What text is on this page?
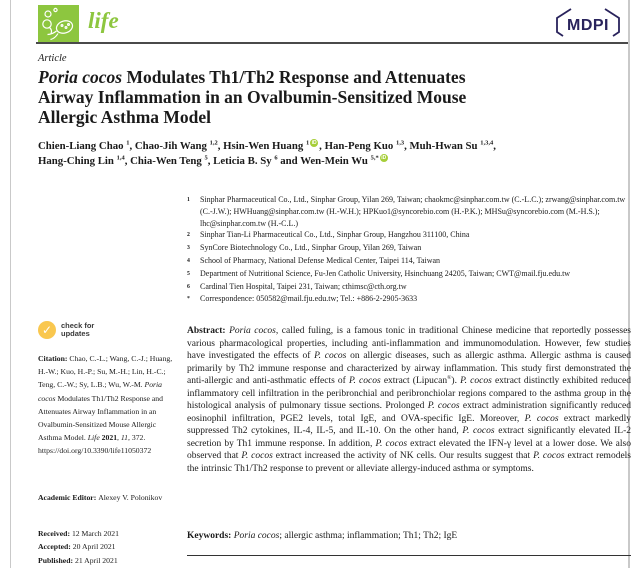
life	MDPI
Article
Poria cocos Modulates Th1/Th2 Response and Attenuates
Airway Inflammation in an Ovalbumin-Sensitized Mouse
Allergic Asthma Model
Chien-Liang Chao $^1$, Chao-Jih Wang $^{1,2}$, Hsin-Wen Huang $^1$ iD , Han-Peng Kuo $^{1,3}$, Muh-Hwan Su $^{1,3,4}$,
Hang-Ching Lin $^{1,4}$, Chia-Wen Teng $^5$, Leticia B. Sy $^6$ and Wen-Mein Wu $^{5,*}$ iD
1	Sinphar Pharmaceutical Co., Ltd., Sinphar Group, Yilan 269, Taiwan; chaokmc@sinphar.com.tw (C.-L.C.); zrwang@sinphar.com.tw (C.-J.W.); HWHuang@sinphar.com.tw (H.-W.H.); HPKuo1@syncorebio.com (H.-P.K.); MHSu@syncorebio.com (M.-H.S.); lhc@sinphar.com.tw (H.-C.L.)
2	Sinphar Tian-Li Pharmaceutical Co., Ltd., Sinphar Group, Hangzhou 311100, China
3	SynCore Biotechnology Co., Ltd., Sinphar Group, Yilan 269, Taiwan
4	School of Pharmacy, National Defense Medical Center, Taipei 114, Taiwan
5	Department of Nutritional Science, Fu-Jen Catholic University, Hsinchuang 24205, Taiwan; CWT@mail.fju.edu.tw
6	Cardinal Tien Hospital, Taipei 231, Taiwan; cthimsc@cth.org.tw
*	Correspondence: 050582@mail.fju.edu.tw; Tel.: +886-2-2905-3633
✓	check for
updates
Citation: Chao, C.-L.; Wang, C.-J.; Huang, H.-W.; Kuo, H.-P.; Su, M.-H.; Lin, H.-C.; Teng, C.-W.; Sy, L.B.; Wu, W.-M. Poria cocos Modulates Th1/Th2 Response and Attenuates Airway Inflammation in an Ovalbumin-Sensitized Mouse Allergic Asthma Model. Life 2021, 11, 372. https://doi.org/10.3390/life11050372
Academic Editor: Alexey V. Polonikov
Received: 12 March 2021
Accepted: 20 April 2021
Published: 21 April 2021
Abstract: Poria cocos, called fuling, is a famous tonic in traditional Chinese medicine that reportedly possesses various pharmacological properties, including anti-inflammation and immunomodulation. However, few studies have investigated the effects of P. cocos on allergic diseases, such as allergic asthma. Allergic asthma is caused primarily by Th2 immune response and characterized by airway inflammation. This study first demonstrated the anti-allergic and anti-asthmatic effects of P. cocos extract (Lipucan®). P. cocos extract distinctly exhibited reduced inflammatory cell infiltration in the peribronchial and peribronchiolar regions compared to the asthma group in the histological analysis of pulmonary tissue sections. Prolonged P. cocos extract administration significantly reduced eosinophil infiltration, PGE2 levels, total IgE, and OVA-specific IgE. Moreover, P. cocos extract markedly suppressed Th2 cytokines, IL-4, IL-5, and IL-10. On the other hand, P. cocos extract significantly elevated IL-2 secretion by Th1 immune response. In addition, P. cocos extract elevated the IFN-γ level at a lower dose. We also observed that P. cocos extract increased the activity of NK cells. Our results suggest that P. cocos extract remodels the intrinsic Th1/Th2 response to prevent or alleviate allergy-induced asthma or symptoms.
Keywords: Poria cocos; allergic asthma; inflammation; Th1; Th2; IgE
